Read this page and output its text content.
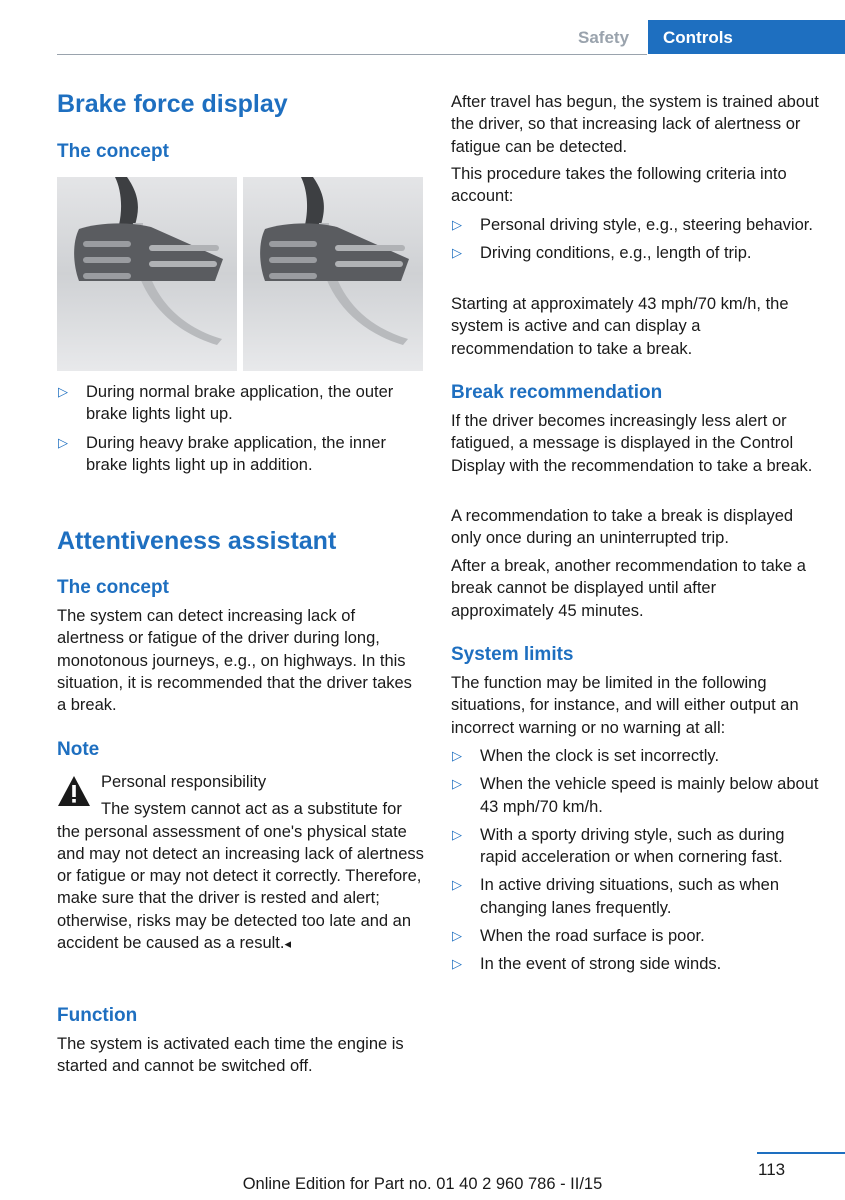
Safety	Controls
Brake force display
The concept
▷ During normal brake application, the outer brake lights light up.
▷ During heavy brake application, the inner brake lights light up in addition.
Attentiveness assistant
The concept

The system can detect increasing lack of alertness or fatigue of the driver during long, monotonous journeys, e.g., on highways. In this situation, it is recommended that the driver takes a break.

Note
Personal responsibility
The system cannot act as a substitute for the personal assessment of one's physical state and may not detect an increasing lack of alertness or fatigue or may not detect it correctly. Therefore, make sure that the driver is rested and alert; otherwise, risks may be detected too late and an accident be caused as a result.◂
Function

The system is activated each time the engine is started and cannot be switched off.

After travel has begun, the system is trained about the driver, so that increasing lack of alertness or fatigue can be detected.

This procedure takes the following criteria into account:

▷ Personal driving style, e.g., steering behavior.
▷ Driving conditions, e.g., length of trip.

Starting at approximately 43 mph/70 km/h, the system is active and can display a recommendation to take a break.

Break recommendation

If the driver becomes increasingly less alert or fatigued, a message is displayed in the Control Display with the recommendation to take a break.

A recommendation to take a break is displayed only once during an uninterrupted trip.

After a break, another recommendation to take a break cannot be displayed until after approximately 45 minutes.

System limits

The function may be limited in the following situations, for instance, and will either output an incorrect warning or no warning at all:

▷ When the clock is set incorrectly.
▷ When the vehicle speed is mainly below about 43 mph/70 km/h.
▷ With a sporty driving style, such as during rapid acceleration or when cornering fast.
▷ In active driving situations, such as when changing lanes frequently.
▷ When the road surface is poor.
▷ In the event of strong side winds.
113
Online Edition for Part no. 01 40 2 960 786 - II/15
